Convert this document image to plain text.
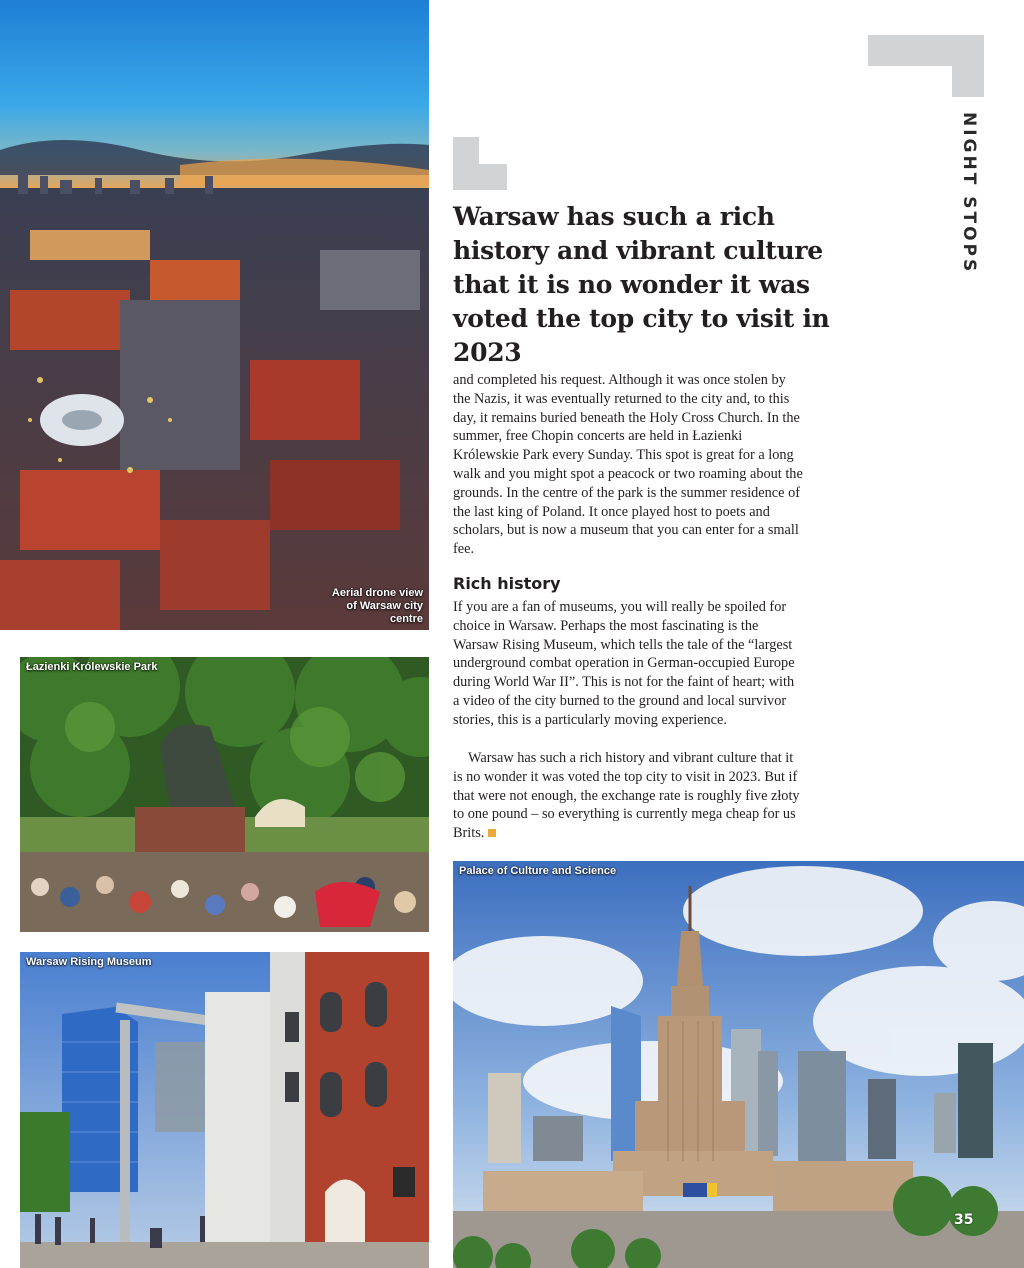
Aerial drone view of Warsaw city centre
Łazienki Królewskie Park
Warsaw Rising Museum
Palace of Culture and Science
NIGHT STOPS
Warsaw has such a rich history and vibrant culture that it is no wonder it was voted the top city to visit in 2023

and completed his request. Although it was once stolen by the Nazis, it was eventually returned to the city and, to this day, it remains buried beneath the Holy Cross Church. In the summer, free Chopin concerts are held in Łazienki Królewskie Park every Sunday. This spot is great for a long walk and you might spot a peacock or two roaming about the grounds. In the centre of the park is the summer residence of the last king of Poland. It once played host to poets and scholars, but is now a museum that you can enter for a small fee.

Rich history

If you are a fan of museums, you will really be spoiled for choice in Warsaw. Perhaps the most fascinating is the Warsaw Rising Museum, which tells the tale of the “largest underground combat operation in German-occupied Europe during World War II”. This is not for the faint of heart; with a video of the city burned to the ground and local survivor stories, this is a particularly moving experience.

Warsaw has such a rich history and vibrant culture that it is no wonder it was voted the top city to visit in 2023. But if that were not enough, the exchange rate is roughly five złoty to one pound – so everything is currently mega cheap for us Brits.

35
